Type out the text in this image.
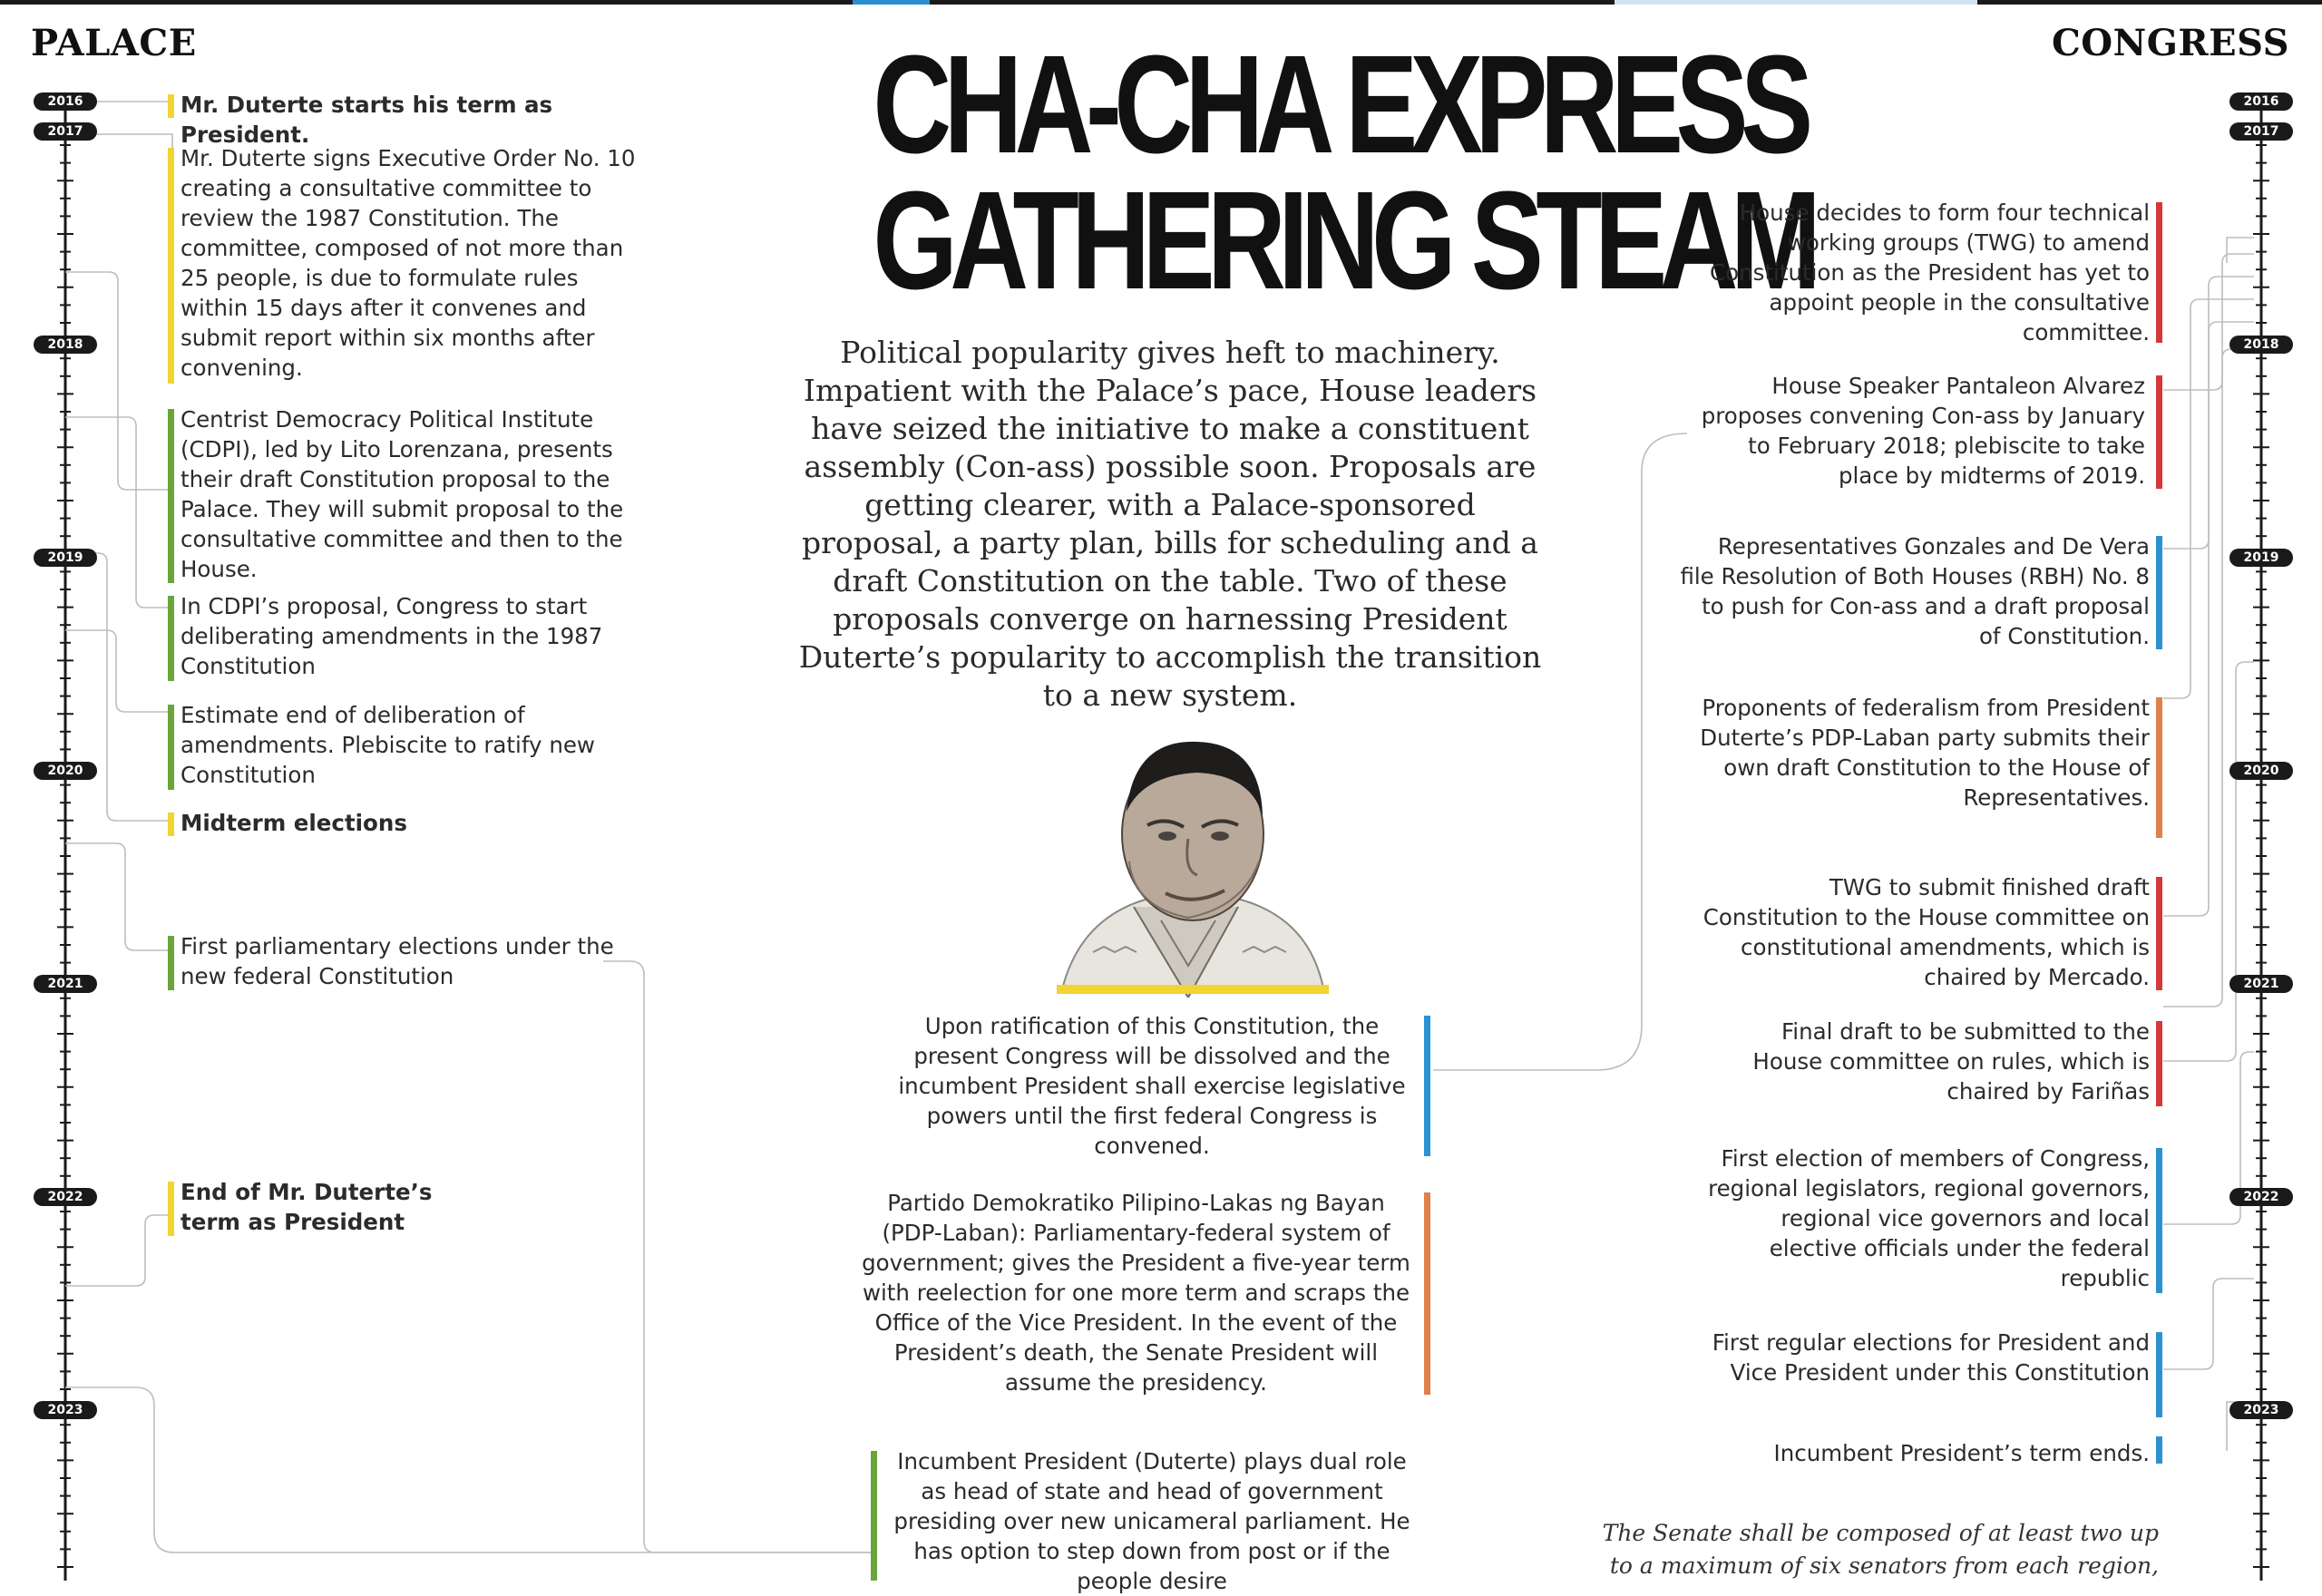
PALACE	CONGRESS
CHA-CHA EXPRESS
GATHERING STEAM

Political popularity gives heft to machinery. Impatient with the Palace’s pace, House leaders have seized the initiative to make a constituent assembly (Con-ass) possible soon. Proposals are getting clearer, with a Palace-sponsored proposal, a party plan, bills for scheduling and a draft Constitution on the table. Two of these proposals converge on harnessing President Duterte’s popularity to accomplish the transition to a new system.

2016	2016
2017	2017
2018	2018
2019	2019
2020	2020
2021	2021
2022	2022
2023	2023

Mr. Duterte starts his term as President.

Mr. Duterte signs Executive Order No. 10 creating a consultative committee to review the 1987 Constitution. The committee, composed of not more than 25 people, is due to formulate rules within 15 days after it convenes and submit report within six months after convening.

Centrist Democracy Political Institute (CDPI), led by Lito Lorenzana, presents their draft Constitution proposal to the Palace. They will submit proposal to the consultative committee and then to the House.

In CDPI’s proposal, Congress to start deliberating amendments in the 1987 Constitution

Estimate end of deliberation of amendments. Plebiscite to ratify new Constitution

Midterm elections

First parliamentary elections under the new federal Constitution

End of Mr. Duterte’s term as President

House decides to form four technical working groups (TWG) to amend Constitution as the President has yet to appoint people in the consultative committee.

House Speaker Pantaleon Alvarez proposes convening Con-ass by January to February 2018; plebiscite to take place by midterms of 2019.

Representatives Gonzales and De Vera file Resolution of Both Houses (RBH) No. 8 to push for Con-ass and a draft proposal of Constitution.

Proponents of federalism from President Duterte’s PDP-Laban party submits their own draft Constitution to the House of Representatives.

TWG to submit finished draft Constitution to the House committee on constitutional amendments, which is chaired by Mercado.

Final draft to be submitted to the House committee on rules, which is chaired by Fariñas

First election of members of Congress, regional legislators, regional governors, regional vice governors and local elective officials under the federal republic

First regular elections for President and Vice President under this Constitution

Incumbent President’s term ends.

Upon ratification of this Constitution, the present Congress will be dissolved and the incumbent President shall exercise legislative powers until the first federal Congress is convened.

Partido Demokratiko Pilipino-Lakas ng Bayan (PDP-Laban): Parliamentary-federal system of government; gives the President a five-year term with reelection for one more term and scraps the Office of the Vice President. In the event of the President’s death, the Senate President will assume the presidency.

Incumbent President (Duterte) plays dual role as head of state and head of government presiding over new unicameral parliament. He has option to step down from post or if the people desire

The Senate shall be composed of at least two up to a maximum of six senators from each region,
